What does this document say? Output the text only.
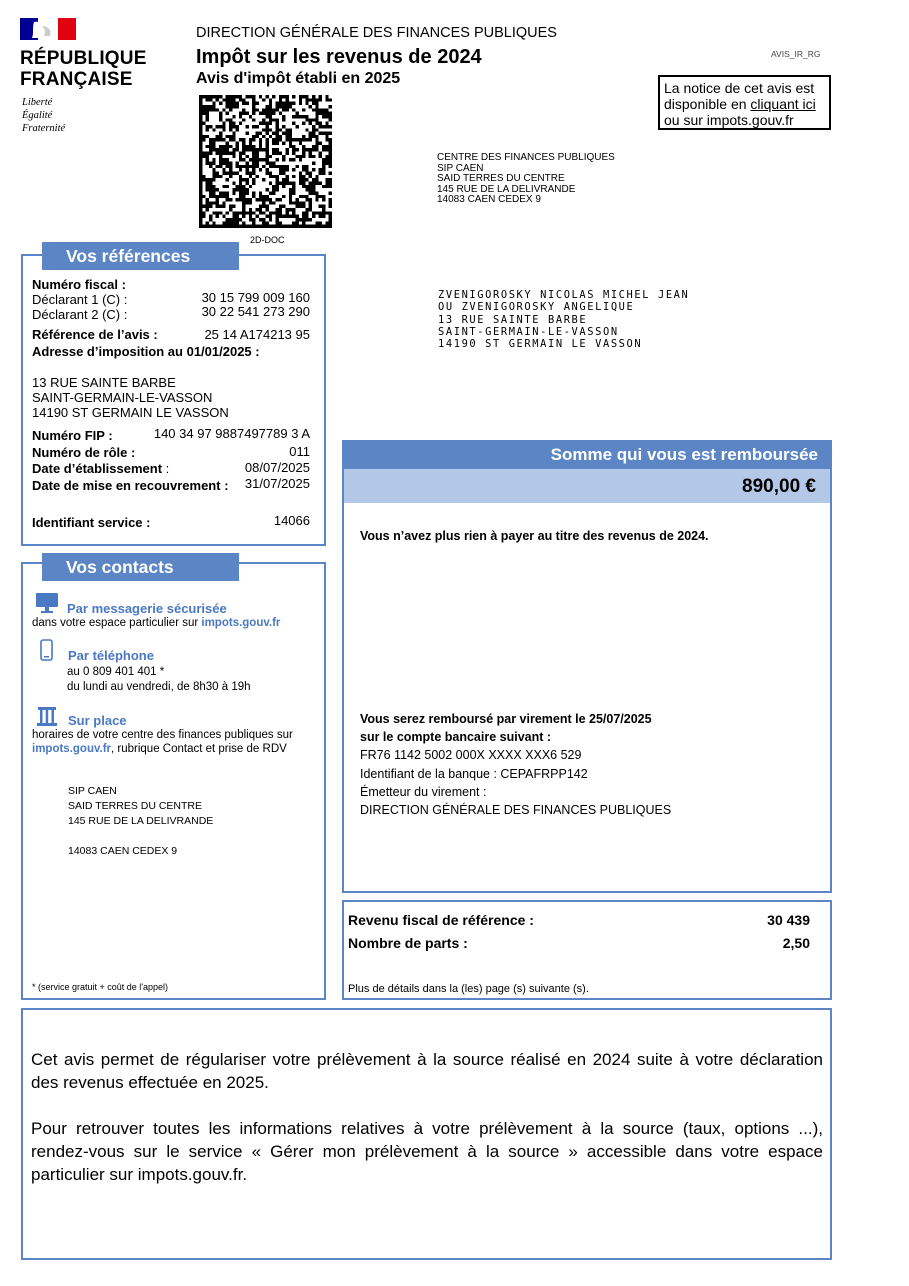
RÉPUBLIQUE
FRANÇAISE
Liberté
Égalité
Fraternité
DIRECTION GÉNÉRALE DES FINANCES PUBLIQUES
Impôt sur les revenus de 2024
Avis d'impôt établi en 2025
AVIS_IR_RG
La notice de cet avis est
disponible en cliquant ici
ou sur impots.gouv.fr
2D-DOC
CENTRE DES FINANCES PUBLIQUES
SIP CAEN
SAID TERRES DU CENTRE
145 RUE DE LA DELIVRANDE
14083 CAEN CEDEX 9
ZVENIGOROSKY NICOLAS MICHEL JEAN
OU ZVENIGOROSKY ANGELIQUE
13 RUE SAINTE BARBE
SAINT-GERMAIN-LE-VASSON
14190 ST GERMAIN LE VASSON
Numéro fiscal :
Déclarant 1 (C) :	30 15 799 009 160
Déclarant 2 (C) :	30 22 541 273 290
Référence de l’avis :	25 14 A174213 95
Adresse d’imposition au 01/01/2025 :
13 RUE SAINTE BARBE
SAINT-GERMAIN-LE-VASSON
14190 ST GERMAIN LE VASSON
Numéro FIP :	140 34 97 9887497789 3 A
Numéro de rôle :	011
Date d’établissement :	08/07/2025
Date de mise en recouvrement : 31/07/2025
Identifiant service :	14066
Vos références
Par messagerie sécurisée
dans votre espace particulier sur impots.gouv.fr
Par téléphone
au 0 809 401 401 *
du lundi au vendredi, de 8h30 à 19h
Sur place
horaires de votre centre des finances publiques sur
impots.gouv.fr, rubrique Contact et prise de RDV
SIP CAEN
SAID TERRES DU CENTRE
145 RUE DE LA DELIVRANDE
14083 CAEN CEDEX 9
* (service gratuit + coût de l'appel)
Vos contacts
Somme qui vous est remboursée
890,00 €
Vous n’avez plus rien à payer au titre des revenus de 2024.
Vous serez remboursé par virement le 25/07/2025
sur le compte bancaire suivant :
FR76 1142 5002 000X XXXX XXX6 529
Identifiant de la banque : CEPAFRPP142
Émetteur du virement :
DIRECTION GÉNÉRALE DES FINANCES PUBLIQUES
Revenu fiscal de référence :	30 439
Nombre de parts :	2,50
Plus de détails dans la (les) page (s) suivante (s).
Cet avis permet de régulariser votre prélèvement à la source réalisé en 2024 suite à votre déclaration des revenus effectuée en 2025.
Pour retrouver toutes les informations relatives à votre prélèvement à la source (taux, options ...), rendez-vous sur le service « Gérer mon prélèvement à la source » accessible dans votre espace particulier sur impots.gouv.fr.
